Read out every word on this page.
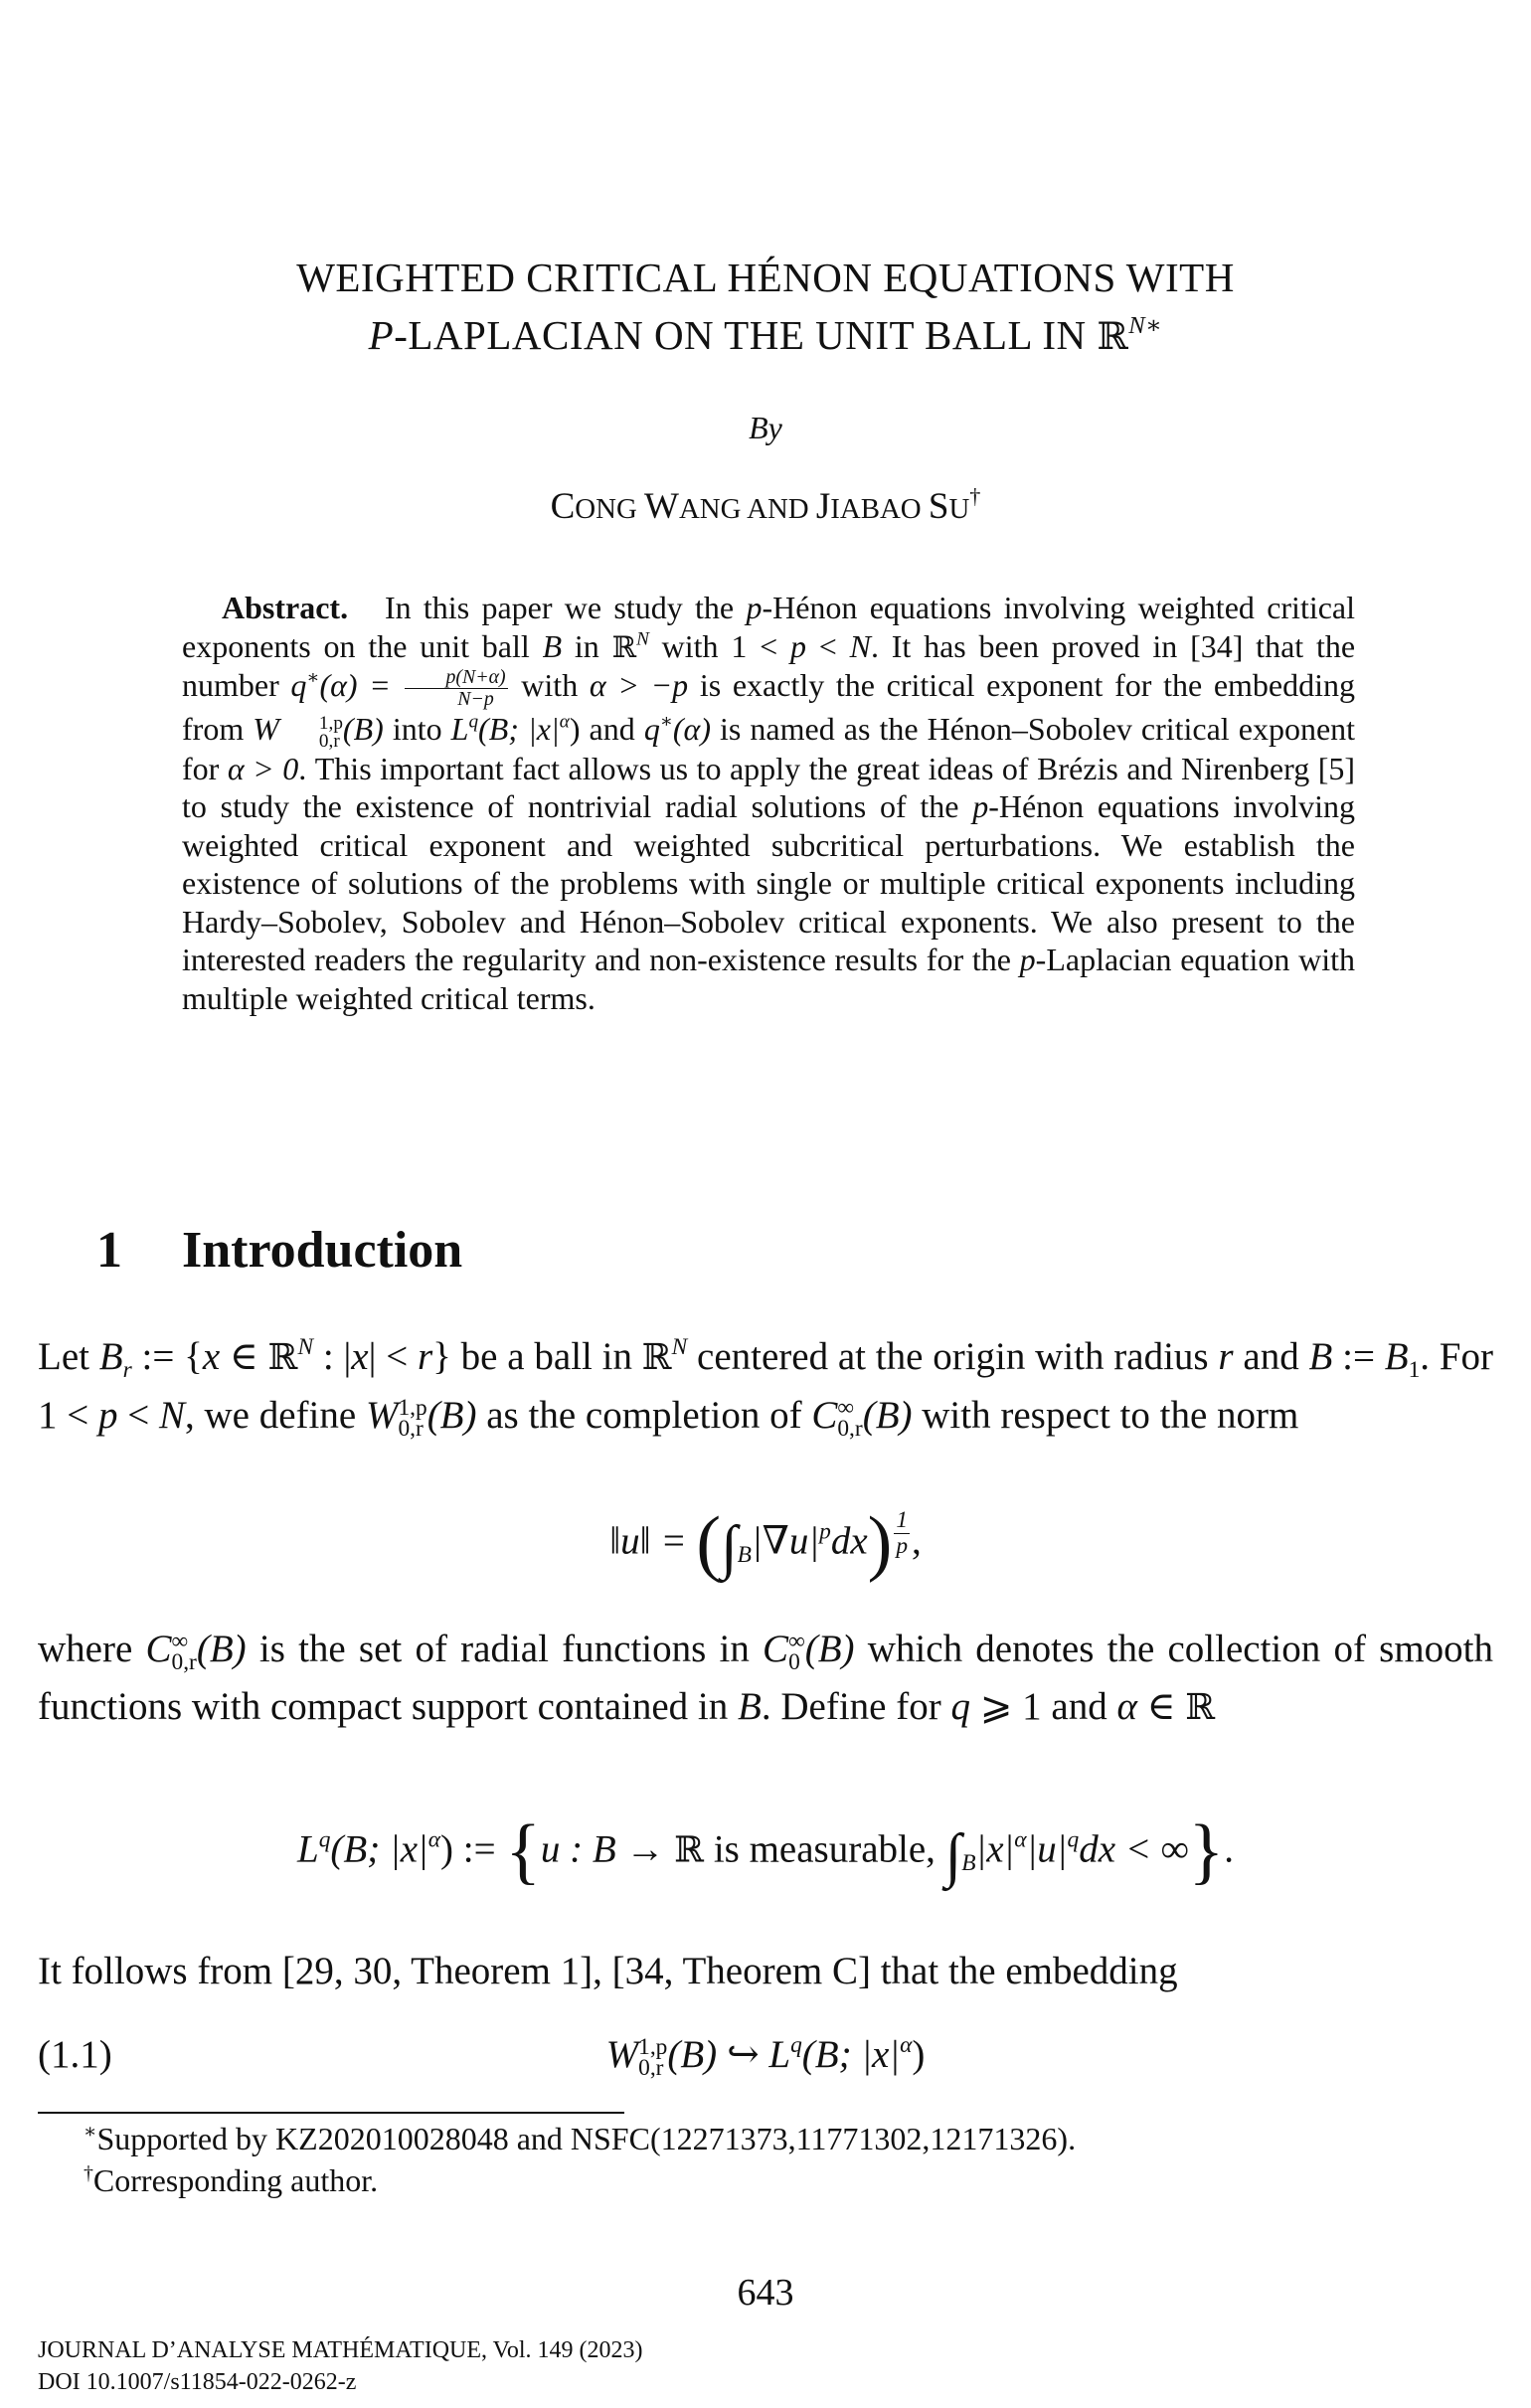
WEIGHTED CRITICAL HÉNON EQUATIONS WITH
P-LAPLACIAN ON THE UNIT BALL IN ℝ$^{N∗}$
By
CONG WANG AND JIABAO SU†

Abstract. In this paper we study the p-Hénon equations involving weighted critical exponents on the unit ball B in ℝ$^N$ with 1 < p < N. It has been proved in [34] that the number $q^∗(\alpha) = \frac{p(N+\alpha)}{N-p}$ with α > −p is exactly the critical exponent for the embedding from W	1,p
0,r (B) into $L^q(B$; $|x|^\alpha$) and q∗(α) is named as the Hénon–Sobolev critical exponent for α > 0. This important fact allows us to apply the great ideas of Brézis and Nirenberg [5] to study the existence of nontrivial radial solutions of the p-Hénon equations involving weighted critical exponent and weighted subcritical perturbations. We establish the existence of solutions of the problems with single or multiple critical exponents including Hardy–Sobolev, Sobolev and Hénon–Sobolev critical exponents. We also present to the interested readers the regularity and non-existence results for the p-Laplacian equation with multiple weighted critical terms.

1 Introduction

Let $B_r$ := {x ∈ ℝ$^N$ : |x| < r} be a ball in ℝ$^N$ centered at the origin with radius r and B := $B_1$. For 1 < p < N, we define W 1,p
0,r (B) as the completion of C ∞
0,r (B) with respect to the norm

‖u‖ = $(\int_B|\nabla u|^pdx)$ $^{\frac{1}{p}}$ ,

where C ∞
0,r (B) is the set of radial functions in C ∞
0 (B) which denotes the collection of smooth functions with compact support contained in B. Define for q ⩾ 1 and α ∈ ℝ

$L^q(B$; $|x|^\alpha$) := {u : B → ℝ is measurable, $\int_B|x|^\alpha|u|^qdx$ < ∞}.
It follows from [29, 30, Theorem 1], [34, Theorem C] that the embedding
(1.1)	W 1,p
0,r (B) ↪ $L^q(B$; $|x|^\alpha$)
∗Supported by KZ202010028048 and NSFC(12271373,11771302,12171326).
†Corresponding author.
643
JOURNAL D’ANALYSE MATHÉMATIQUE, Vol. 149 (2023)
DOI 10.1007/s11854-022-0262-z
